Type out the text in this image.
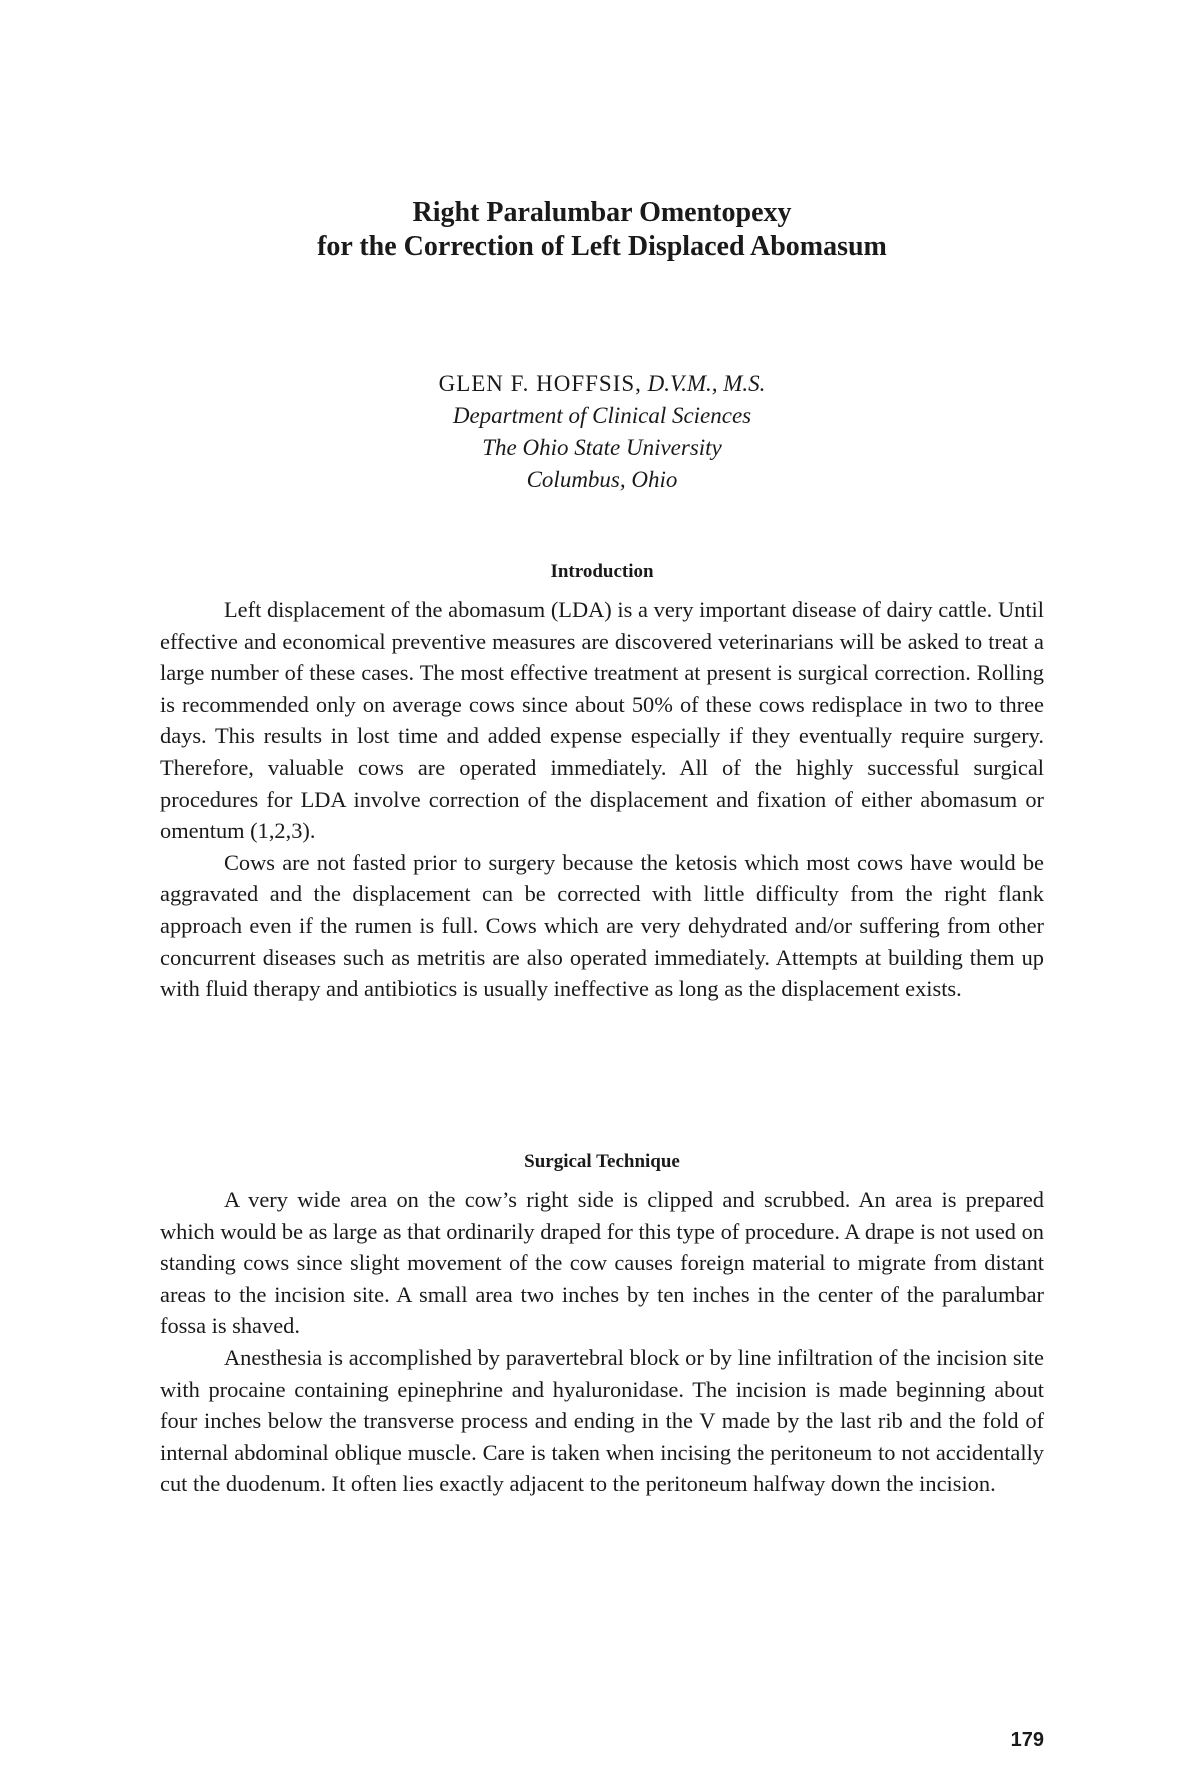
Right Paralumbar Omentopexy
for the Correction of Left Displaced Abomasum
GLEN F. HOFFSIS, D.V.M., M.S.
Department of Clinical Sciences
The Ohio State University
Columbus, Ohio
Introduction

Left displacement of the abomasum (LDA) is a very important disease of dairy cattle. Until effective and economical preventive measures are discovered veterinarians will be asked to treat a large number of these cases. The most effective treatment at present is surgical correction. Rolling is recommended only on average cows since about 50% of these cows redisplace in two to three days. This results in lost time and added expense especially if they eventually require surgery. Therefore, valuable cows are operated immediately. All of the highly successful surgical procedures for LDA involve correction of the displacement and fixation of either abomasum or omentum (1,2,3).

Cows are not fasted prior to surgery because the ketosis which most cows have would be aggravated and the displacement can be corrected with little difficulty from the right flank approach even if the rumen is full. Cows which are very dehydrated and/or suffering from other concurrent diseases such as metritis are also operated immediately. Attempts at building them up with fluid therapy and antibiotics is usually ineffective as long as the displacement exists.

Surgical Technique

A very wide area on the cow’s right side is clipped and scrubbed. An area is prepared which would be as large as that ordinarily draped for this type of procedure. A drape is not used on standing cows since slight movement of the cow causes foreign material to migrate from distant areas to the incision site. A small area two inches by ten inches in the center of the paralumbar fossa is shaved.

Anesthesia is accomplished by paravertebral block or by line infiltration of the incision site with procaine containing epinephrine and hyaluronidase. The incision is made beginning about four inches below the transverse process and ending in the V made by the last rib and the fold of internal abdominal oblique muscle. Care is taken when incising the peritoneum to not accidentally cut the duodenum. It often lies exactly adjacent to the peritoneum halfway down the incision.

179
